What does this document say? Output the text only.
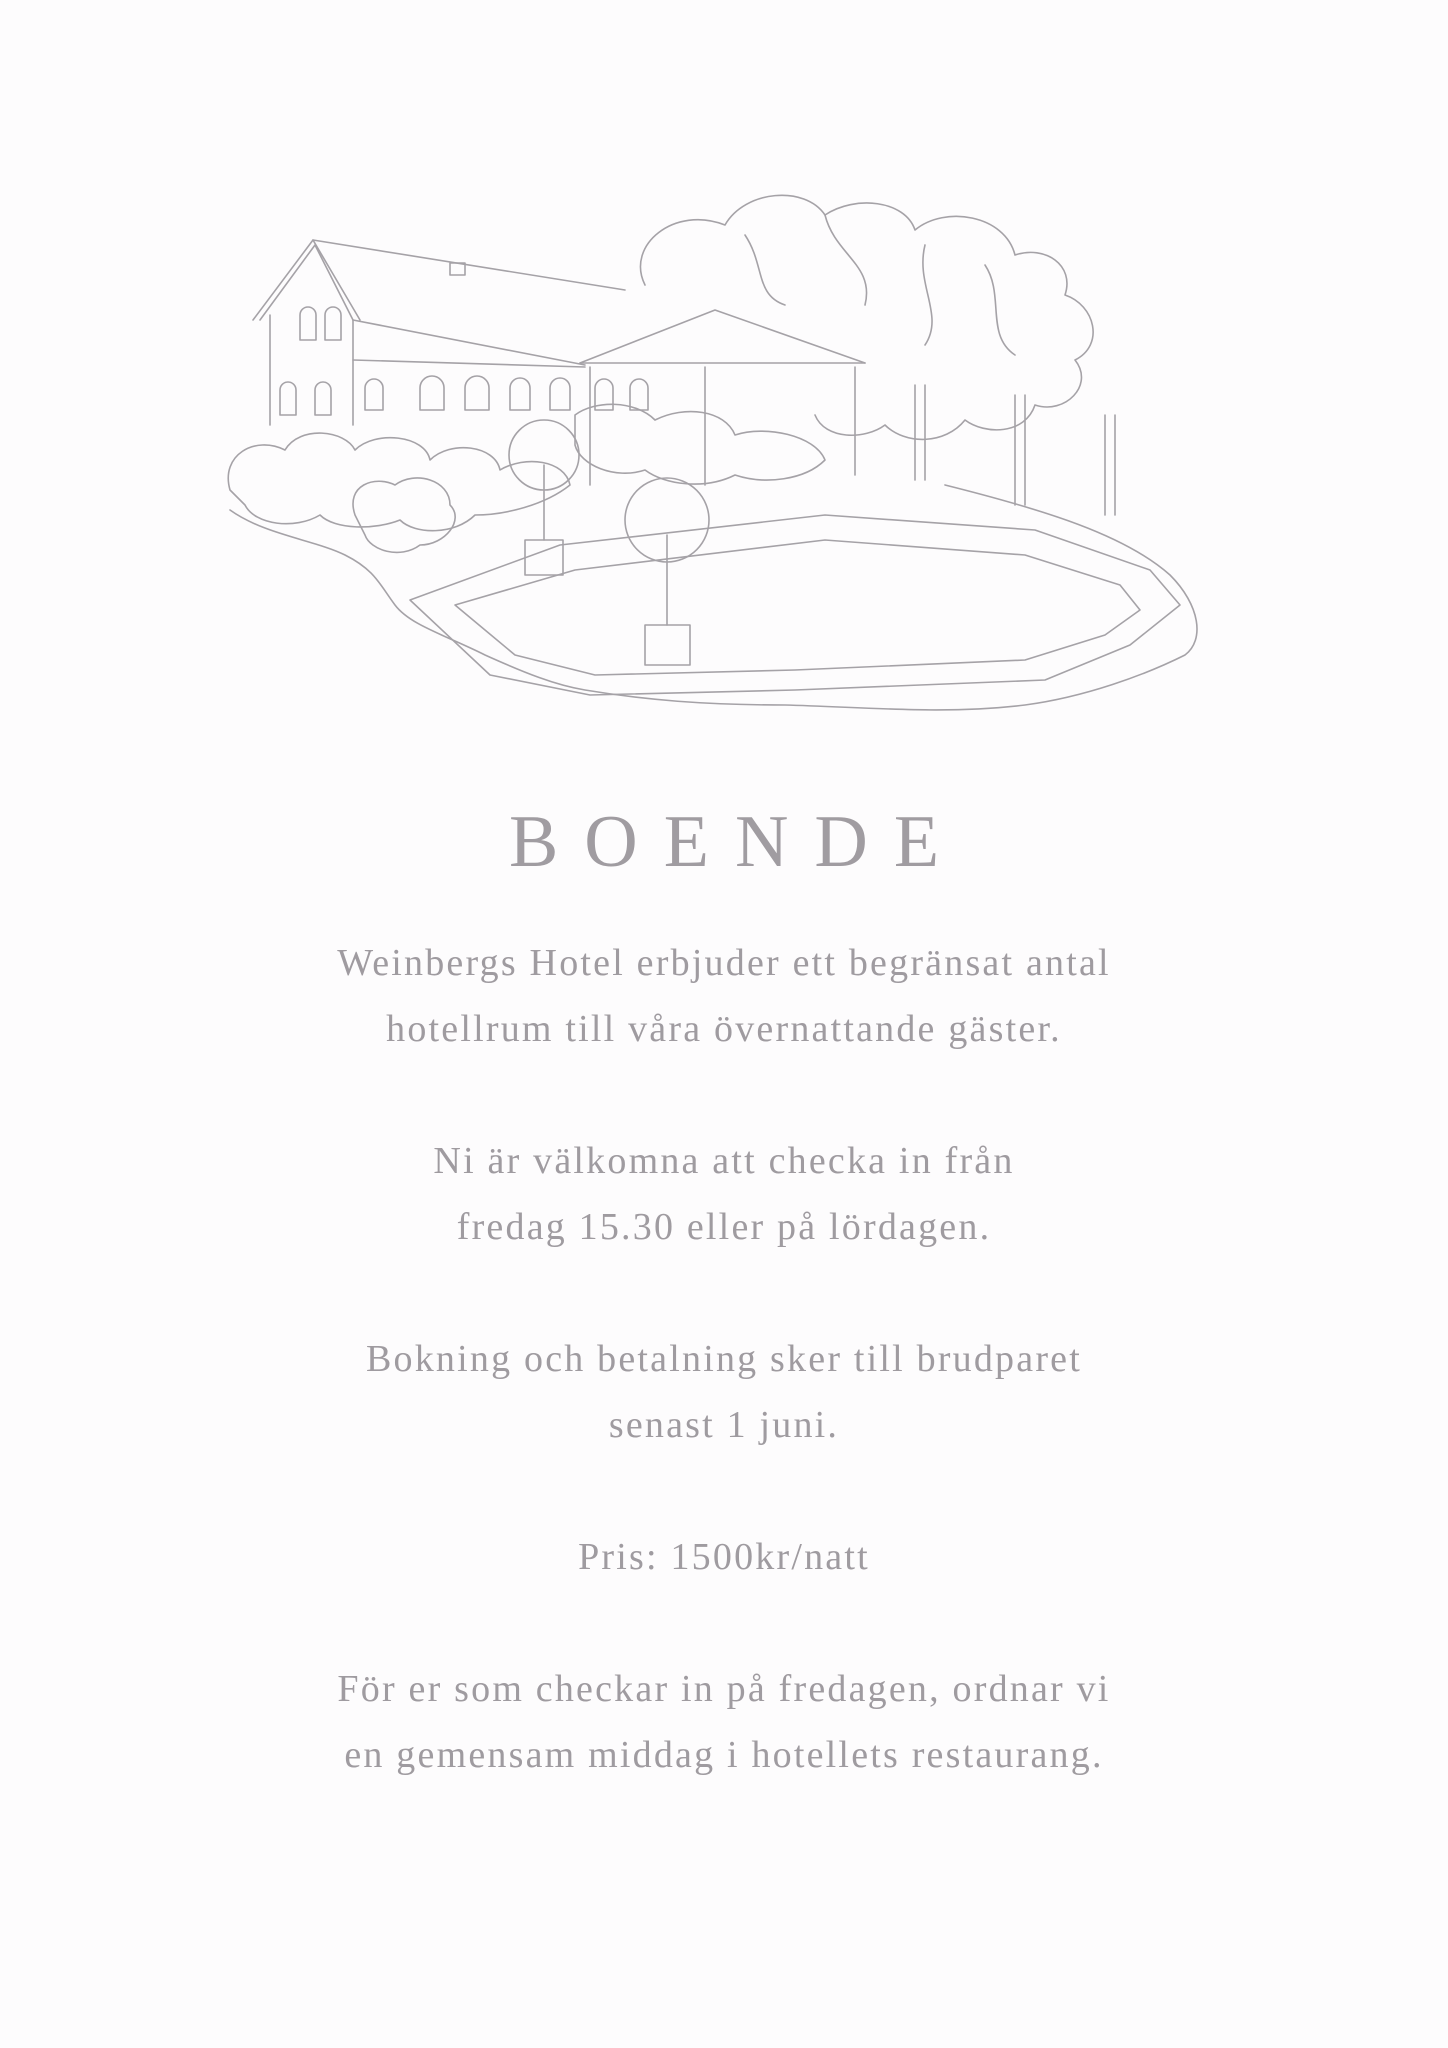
BOENDE

Weinbergs Hotel erbjuder ett begränsat antal
hotellrum till våra övernattande gäster.

Ni är välkomna att checka in från
fredag 15.30 eller på lördagen.

Bokning och betalning sker till brudparet
senast 1 juni.

Pris: 1500kr/natt

För er som checkar in på fredagen, ordnar vi
en gemensam middag i hotellets restaurang.
